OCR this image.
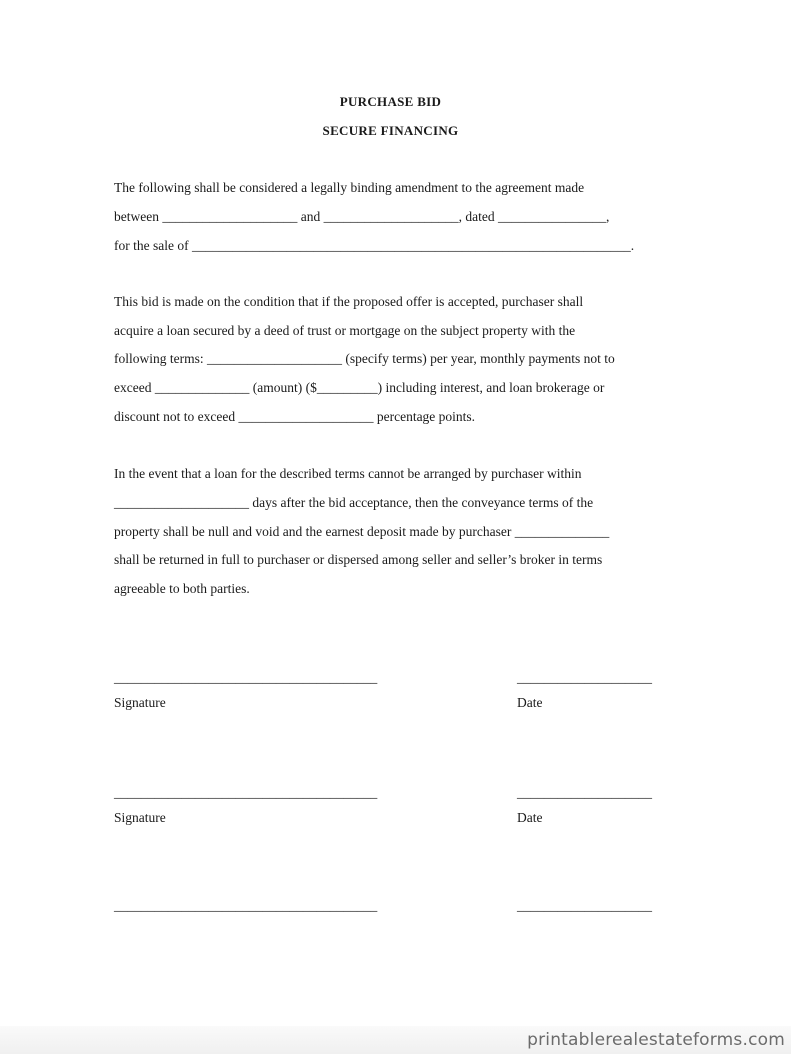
PURCHASE BID
SECURE FINANCING
The following shall be considered a legally binding amendment to the agreement made
between ____________________ and ____________________, dated ________________,
for the sale of _________________________________________________________________.
This bid is made on the condition that if the proposed offer is accepted, purchaser shall
acquire a loan secured by a deed of trust or mortgage on the subject property with the
following terms: ____________________ (specify terms) per year, monthly payments not to
exceed ______________ (amount) ($_________) including interest, and loan brokerage or
discount not to exceed ____________________ percentage points.
In the event that a loan for the described terms cannot be arranged by purchaser within
____________________ days after the bid acceptance, then the conveyance terms of the
property shall be null and void and the earnest deposit made by purchaser ______________
shall be returned in full to purchaser or dispersed among seller and seller’s broker in terms
agreeable to both parties.
_______________________________________	____________________
Signature	Date
_______________________________________	____________________
Signature	Date
_______________________________________	____________________
printablerealestateforms.com
